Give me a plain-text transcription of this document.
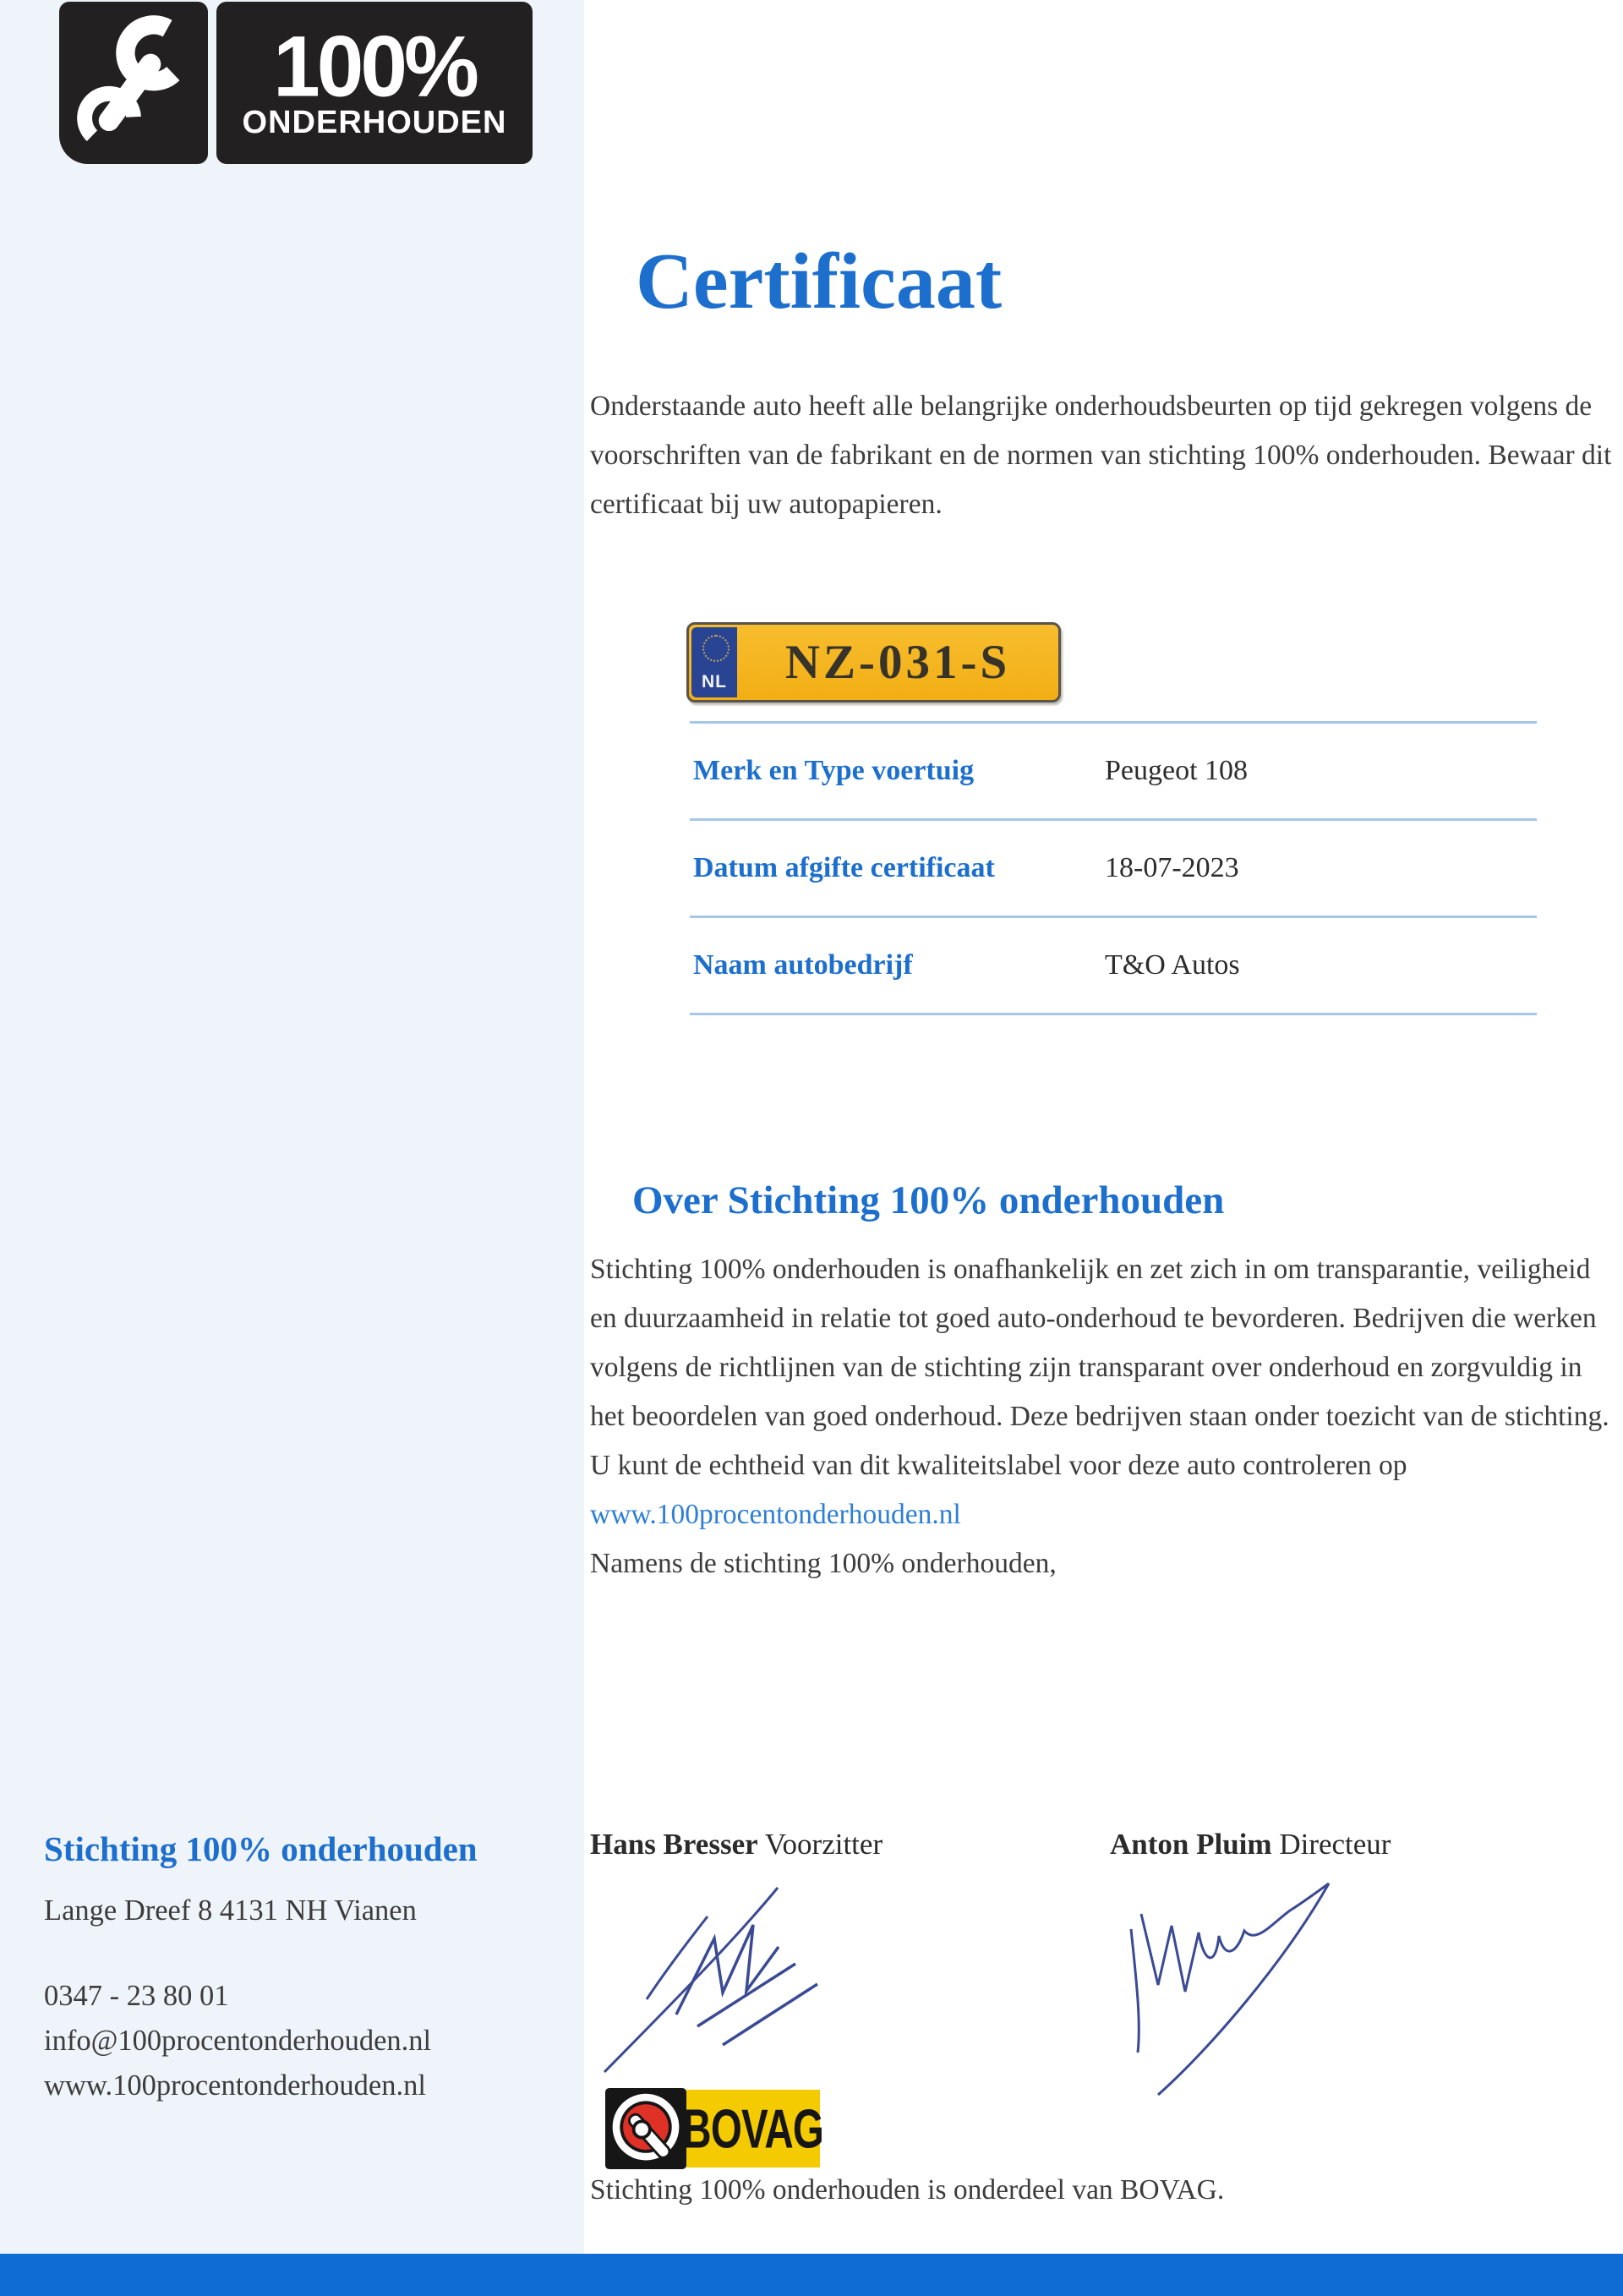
100%
ONDERHOUDEN
Certificaat
Onderstaande auto heeft alle belangrijke onderhoudsbeurten op tijd gekregen volgens de voorschriften van de fabrikant en de normen van stichting 100% onderhouden. Bewaar dit certificaat bij uw autopapieren.
NL	NZ-031-S
Merk en Type voertuig	Peugeot 108
Datum afgifte certificaat	18-07-2023
Naam autobedrijf	T&O Autos
Over Stichting 100% onderhouden
Stichting 100% onderhouden is onafhankelijk en zet zich in om transparantie, veiligheid en duurzaamheid in relatie tot goed auto-onderhoud te bevorderen. Bedrijven die werken volgens de richtlijnen van de stichting zijn transparant over onderhoud en zorgvuldig in het beoordelen van goed onderhoud. Deze bedrijven staan onder toezicht van de stichting. U kunt de echtheid van dit kwaliteitslabel voor deze auto controleren op www.100procentonderhouden.nl
Namens de stichting 100% onderhouden,
Stichting 100% onderhouden
Lange Dreef 8 4131 NH Vianen
0347 - 23 80 01
info@100procentonderhouden.nl
www.100procentonderhouden.nl
Hans Bresser Voorzitter	Anton Pluim Directeur
BOVAG
Stichting 100% onderhouden is onderdeel van BOVAG.
